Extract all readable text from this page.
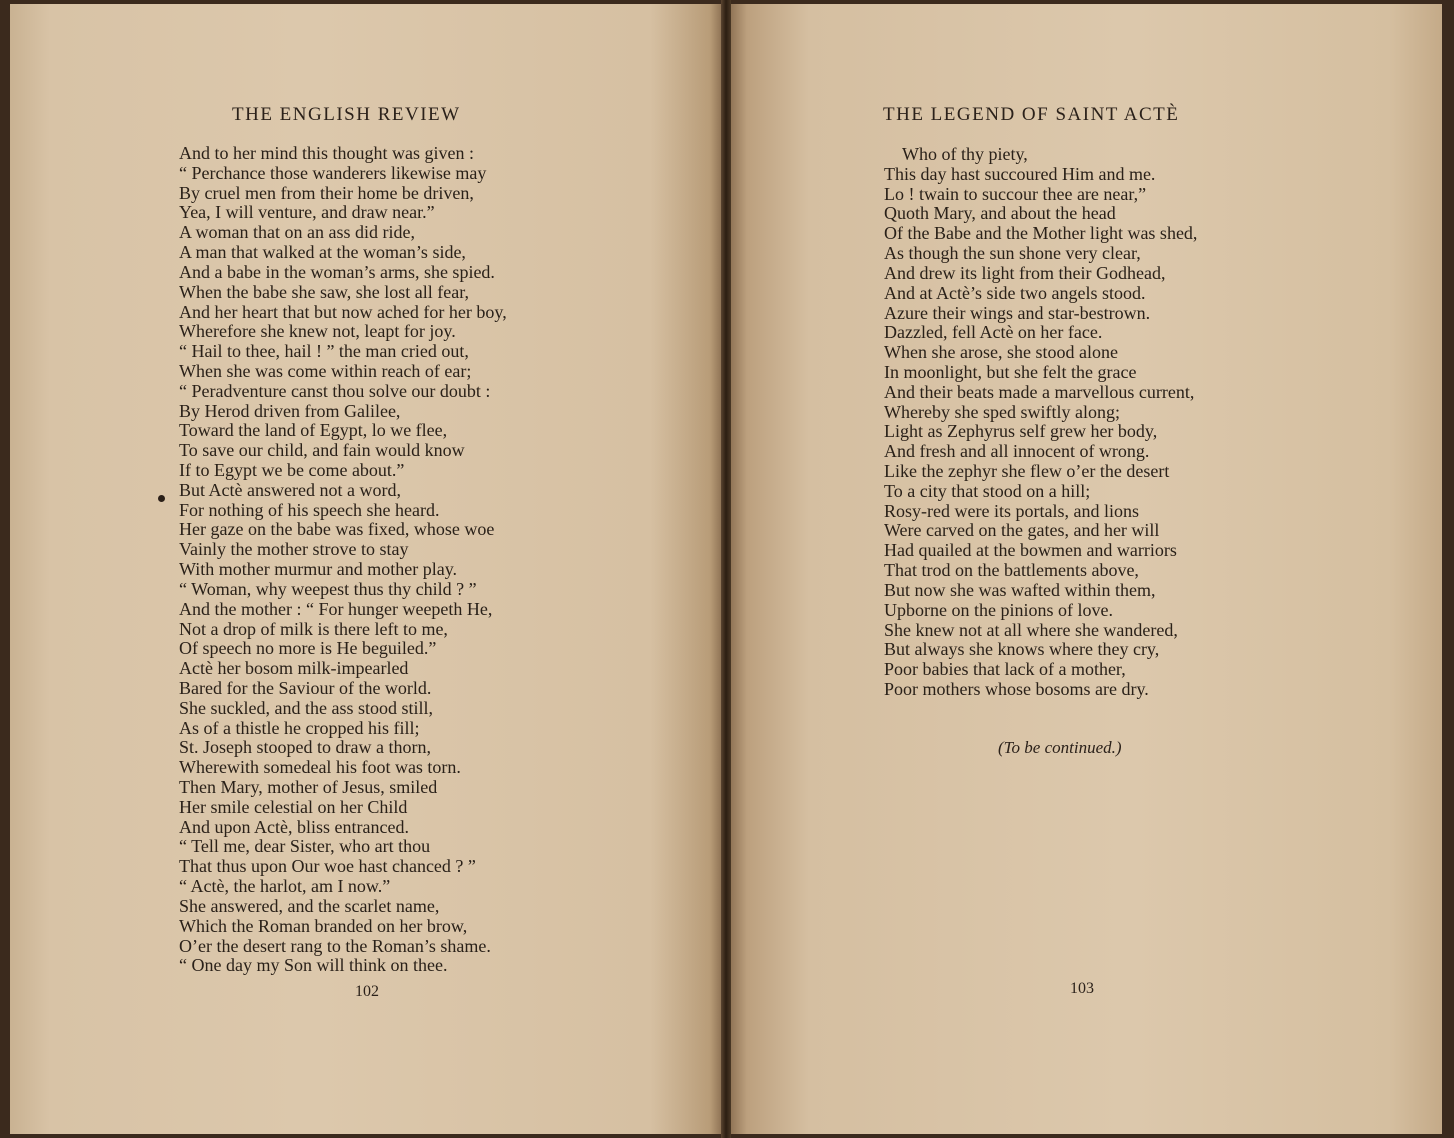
THE ENGLISH REVIEW
And to her mind this thought was given :
“ Perchance those wanderers likewise may
By cruel men from their home be driven,
Yea, I will venture, and draw near.”
A woman that on an ass did ride,
A man that walked at the woman’s side,
And a babe in the woman’s arms, she spied.
When the babe she saw, she lost all fear,
And her heart that but now ached for her boy,
Wherefore she knew not, leapt for joy.
“ Hail to thee, hail ! ” the man cried out,
When she was come within reach of ear;
“ Peradventure canst thou solve our doubt :
By Herod driven from Galilee,
Toward the land of Egypt, lo we flee,
To save our child, and fain would know
If to Egypt we be come about.”
But Actè answered not a word,
For nothing of his speech she heard.
Her gaze on the babe was fixed, whose woe
Vainly the mother strove to stay
With mother murmur and mother play.
“ Woman, why weepest thus thy child ? ”
And the mother : “ For hunger weepeth He,
Not a drop of milk is there left to me,
Of speech no more is He beguiled.”
Actè her bosom milk-impearled
Bared for the Saviour of the world.
She suckled, and the ass stood still,
As of a thistle he cropped his fill;
St. Joseph stooped to draw a thorn,
Wherewith somedeal his foot was torn.
Then Mary, mother of Jesus, smiled
Her smile celestial on her Child
And upon Actè, bliss entranced.
“ Tell me, dear Sister, who art thou
That thus upon Our woe hast chanced ? ”
“ Actè, the harlot, am I now.”
She answered, and the scarlet name,
Which the Roman branded on her brow,
O’er the desert rang to the Roman’s shame.
“ One day my Son will think on thee.
102
THE LEGEND OF SAINT ACTÈ
Who of thy piety,
This day hast succoured Him and me.
Lo ! twain to succour thee are near,”
Quoth Mary, and about the head
Of the Babe and the Mother light was shed,
As though the sun shone very clear,
And drew its light from their Godhead,
And at Actè’s side two angels stood.
Azure their wings and star-bestrown.
Dazzled, fell Actè on her face.
When she arose, she stood alone
In moonlight, but she felt the grace
And their beats made a marvellous current,
Whereby she sped swiftly along;
Light as Zephyrus self grew her body,
And fresh and all innocent of wrong.
Like the zephyr she flew o’er the desert
To a city that stood on a hill;
Rosy-red were its portals, and lions
Were carved on the gates, and her will
Had quailed at the bowmen and warriors
That trod on the battlements above,
But now she was wafted within them,
Upborne on the pinions of love.
She knew not at all where she wandered,
But always she knows where they cry,
Poor babies that lack of a mother,
Poor mothers whose bosoms are dry.
(To be continued.)
103
